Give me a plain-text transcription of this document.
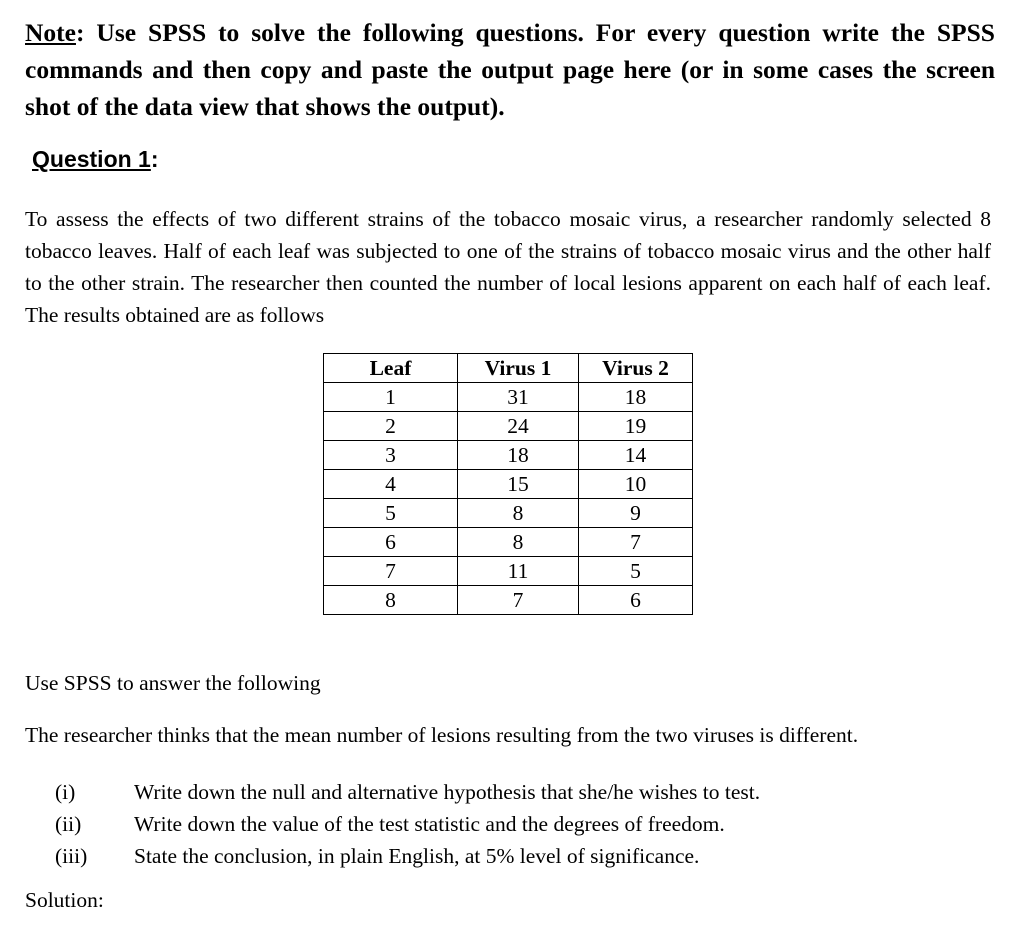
Note: Use SPSS to solve the following questions. For every question write the SPSS commands and then copy and paste the output page here (or in some cases the screen shot of the data view that shows the output).
Question 1:
To assess the effects of two different strains of the tobacco mosaic virus, a researcher randomly selected 8 tobacco leaves. Half of each leaf was subjected to one of the strains of tobacco mosaic virus and the other half to the other strain. The researcher then counted the number of local lesions apparent on each half of each leaf. The results obtained are as follows
Leaf	Virus 1	Virus 2
1	31	18
2	24	19
3	18	14
4	15	10
5	8	9
6	8	7
7	11	5
8	7	6
Use SPSS to answer the following
The researcher thinks that the mean number of lesions resulting from the two viruses is different.
(i)	Write down the null and alternative hypothesis that she/he wishes to test.
(ii)	Write down the value of the test statistic and the degrees of freedom.
(iii)	State the conclusion, in plain English, at 5% level of significance.
Solution:
